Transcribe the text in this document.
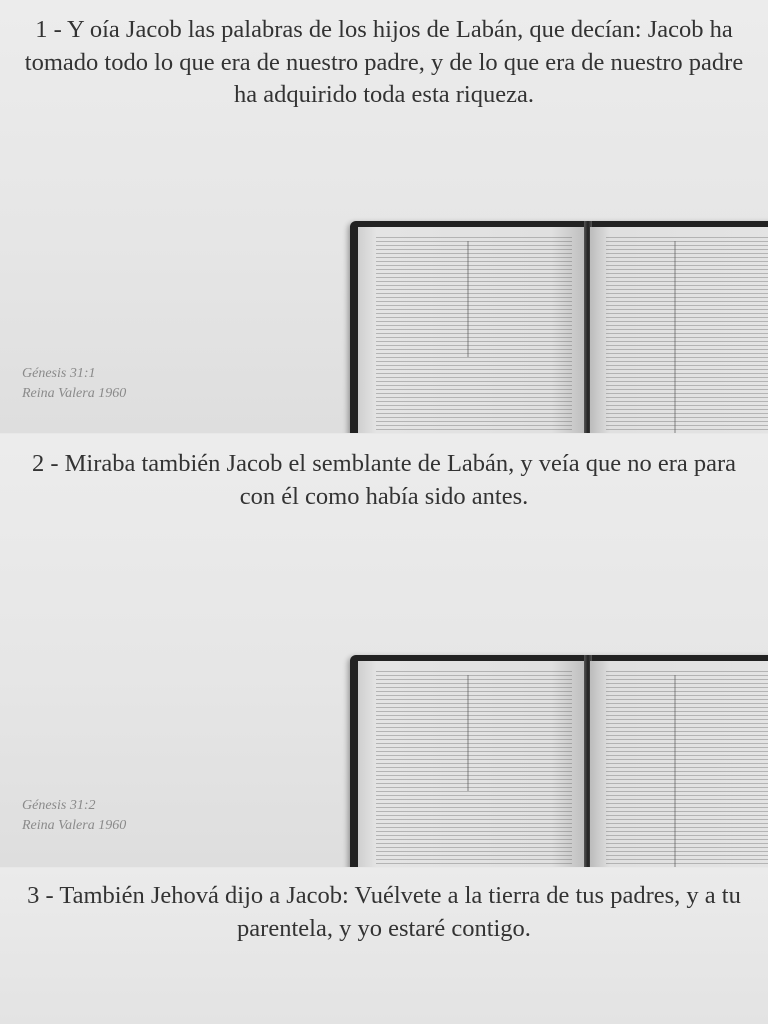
1 - Y oía Jacob las palabras de los hijos de Labán, que decían: Jacob ha tomado todo lo que era de nuestro padre, y de lo que era de nuestro padre ha adquirido toda esta riqueza.

Génesis 31:1
Reina Valera 1960

2 - Miraba también Jacob el semblante de Labán, y veía que no era para con él como había sido antes.

Génesis 31:2
Reina Valera 1960

3 - También Jehová dijo a Jacob: Vuélvete a la tierra de tus padres, y a tu parentela, y yo estaré contigo.
